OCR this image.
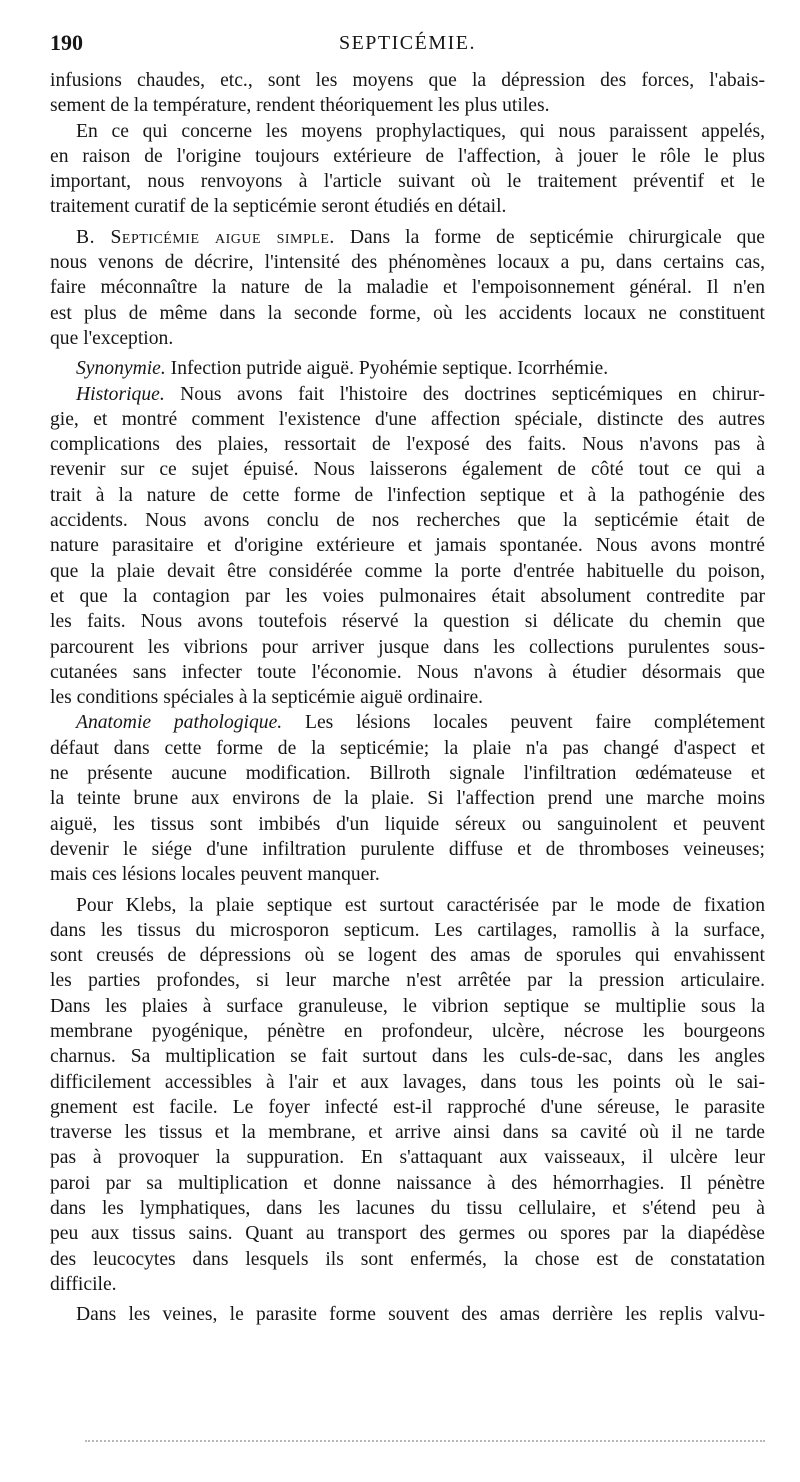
190	SEPTICÉMIE.
infusions chaudes, etc., sont les moyens que la dépression des forces, l'abais-
sement de la température, rendent théoriquement les plus utiles.
En ce qui concerne les moyens prophylactiques, qui nous paraissent appelés,
en raison de l'origine toujours extérieure de l'affection, à jouer le rôle le plus
important, nous renvoyons à l'article suivant où le traitement préventif et le
traitement curatif de la septicémie seront étudiés en détail.
B. Septicémie aigue simple. Dans la forme de septicémie chirurgicale que
nous venons de décrire, l'intensité des phénomènes locaux a pu, dans certains cas,
faire méconnaître la nature de la maladie et l'empoisonnement général. Il n'en
est plus de même dans la seconde forme, où les accidents locaux ne constituent
que l'exception.
Synonymie. Infection putride aiguë. Pyohémie septique. Icorrhémie.
Historique. Nous avons fait l'histoire des doctrines septicémiques en chirur-
gie, et montré comment l'existence d'une affection spéciale, distincte des autres
complications des plaies, ressortait de l'exposé des faits. Nous n'avons pas à
revenir sur ce sujet épuisé. Nous laisserons également de côté tout ce qui a
trait à la nature de cette forme de l'infection septique et à la pathogénie des
accidents. Nous avons conclu de nos recherches que la septicémie était de
nature parasitaire et d'origine extérieure et jamais spontanée. Nous avons montré
que la plaie devait être considérée comme la porte d'entrée habituelle du poison,
et que la contagion par les voies pulmonaires était absolument contredite par
les faits. Nous avons toutefois réservé la question si délicate du chemin que
parcourent les vibrions pour arriver jusque dans les collections purulentes sous-
cutanées sans infecter toute l'économie. Nous n'avons à étudier désormais que
les conditions spéciales à la septicémie aiguë ordinaire.
Anatomie pathologique. Les lésions locales peuvent faire complétement
défaut dans cette forme de la septicémie; la plaie n'a pas changé d'aspect et
ne présente aucune modification. Billroth signale l'infiltration œdémateuse et
la teinte brune aux environs de la plaie. Si l'affection prend une marche moins
aiguë, les tissus sont imbibés d'un liquide séreux ou sanguinolent et peuvent
devenir le siége d'une infiltration purulente diffuse et de thromboses veineuses;
mais ces lésions locales peuvent manquer.
Pour Klebs, la plaie septique est surtout caractérisée par le mode de fixation
dans les tissus du microsporon septicum. Les cartilages, ramollis à la surface,
sont creusés de dépressions où se logent des amas de sporules qui envahissent
les parties profondes, si leur marche n'est arrêtée par la pression articulaire.
Dans les plaies à surface granuleuse, le vibrion septique se multiplie sous la
membrane pyogénique, pénètre en profondeur, ulcère, nécrose les bourgeons
charnus. Sa multiplication se fait surtout dans les culs-de-sac, dans les angles
difficilement accessibles à l'air et aux lavages, dans tous les points où le sai-
gnement est facile. Le foyer infecté est-il rapproché d'une séreuse, le parasite
traverse les tissus et la membrane, et arrive ainsi dans sa cavité où il ne tarde
pas à provoquer la suppuration. En s'attaquant aux vaisseaux, il ulcère leur
paroi par sa multiplication et donne naissance à des hémorrhagies. Il pénètre
dans les lymphatiques, dans les lacunes du tissu cellulaire, et s'étend peu à
peu aux tissus sains. Quant au transport des germes ou spores par la diapédèse
des leucocytes dans lesquels ils sont enfermés, la chose est de constatation
difficile.
Dans les veines, le parasite forme souvent des amas derrière les replis valvu-
